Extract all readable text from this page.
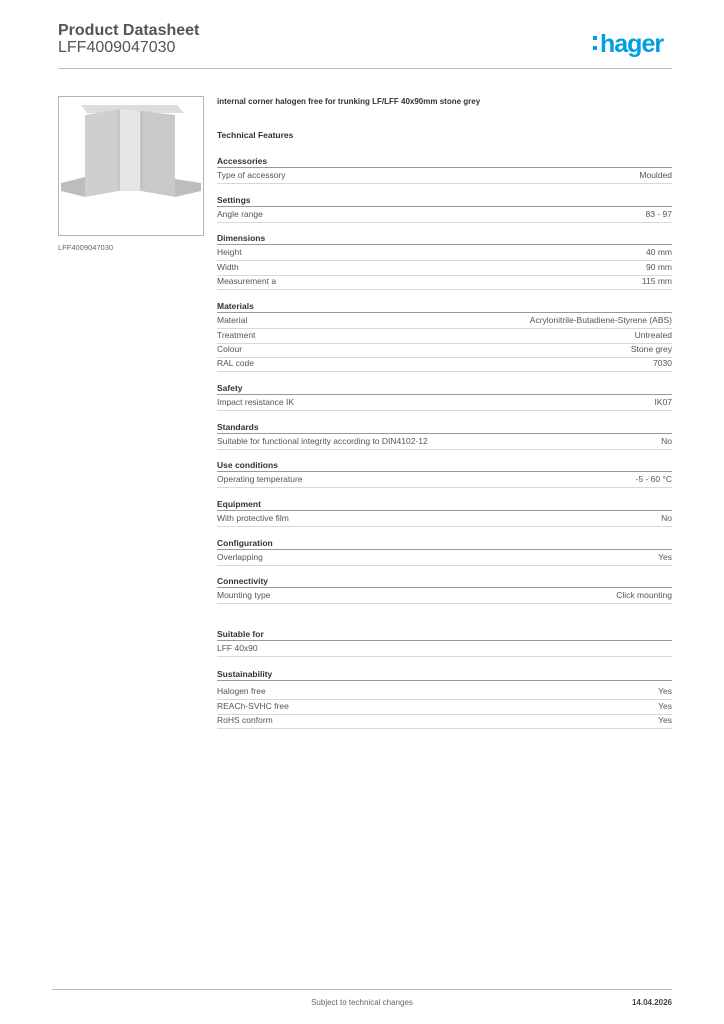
Product Datasheet
LFF4009047030	hager
LFF4009047030
internal corner halogen free for trunking LF/LFF 40x90mm stone grey
Technical Features
Accessories
Type of accessory	Moulded
Settings
Angle range	83 - 97
Dimensions
Height	40 mm
Width	90 mm
Measurement a	115 mm
Materials
Material	Acrylonitrile-Butadiene-Styrene (ABS)
Treatment	Untreated
Colour	Stone grey
RAL code	7030
Safety
Impact resistance IK	IK07
Standards
Suitable for functional integrity according to DIN4102-12	No
Use conditions
Operating temperature	-5 - 60 °C
Equipment
With protective film	No
Configuration
Overlapping	Yes
Connectivity
Mounting type	Click mounting
Suitable for
LFF 40x90
Sustainability
Halogen free	Yes
REACh-SVHC free	Yes
RoHS conform	Yes
Subject to technical changes	14.04.2026
